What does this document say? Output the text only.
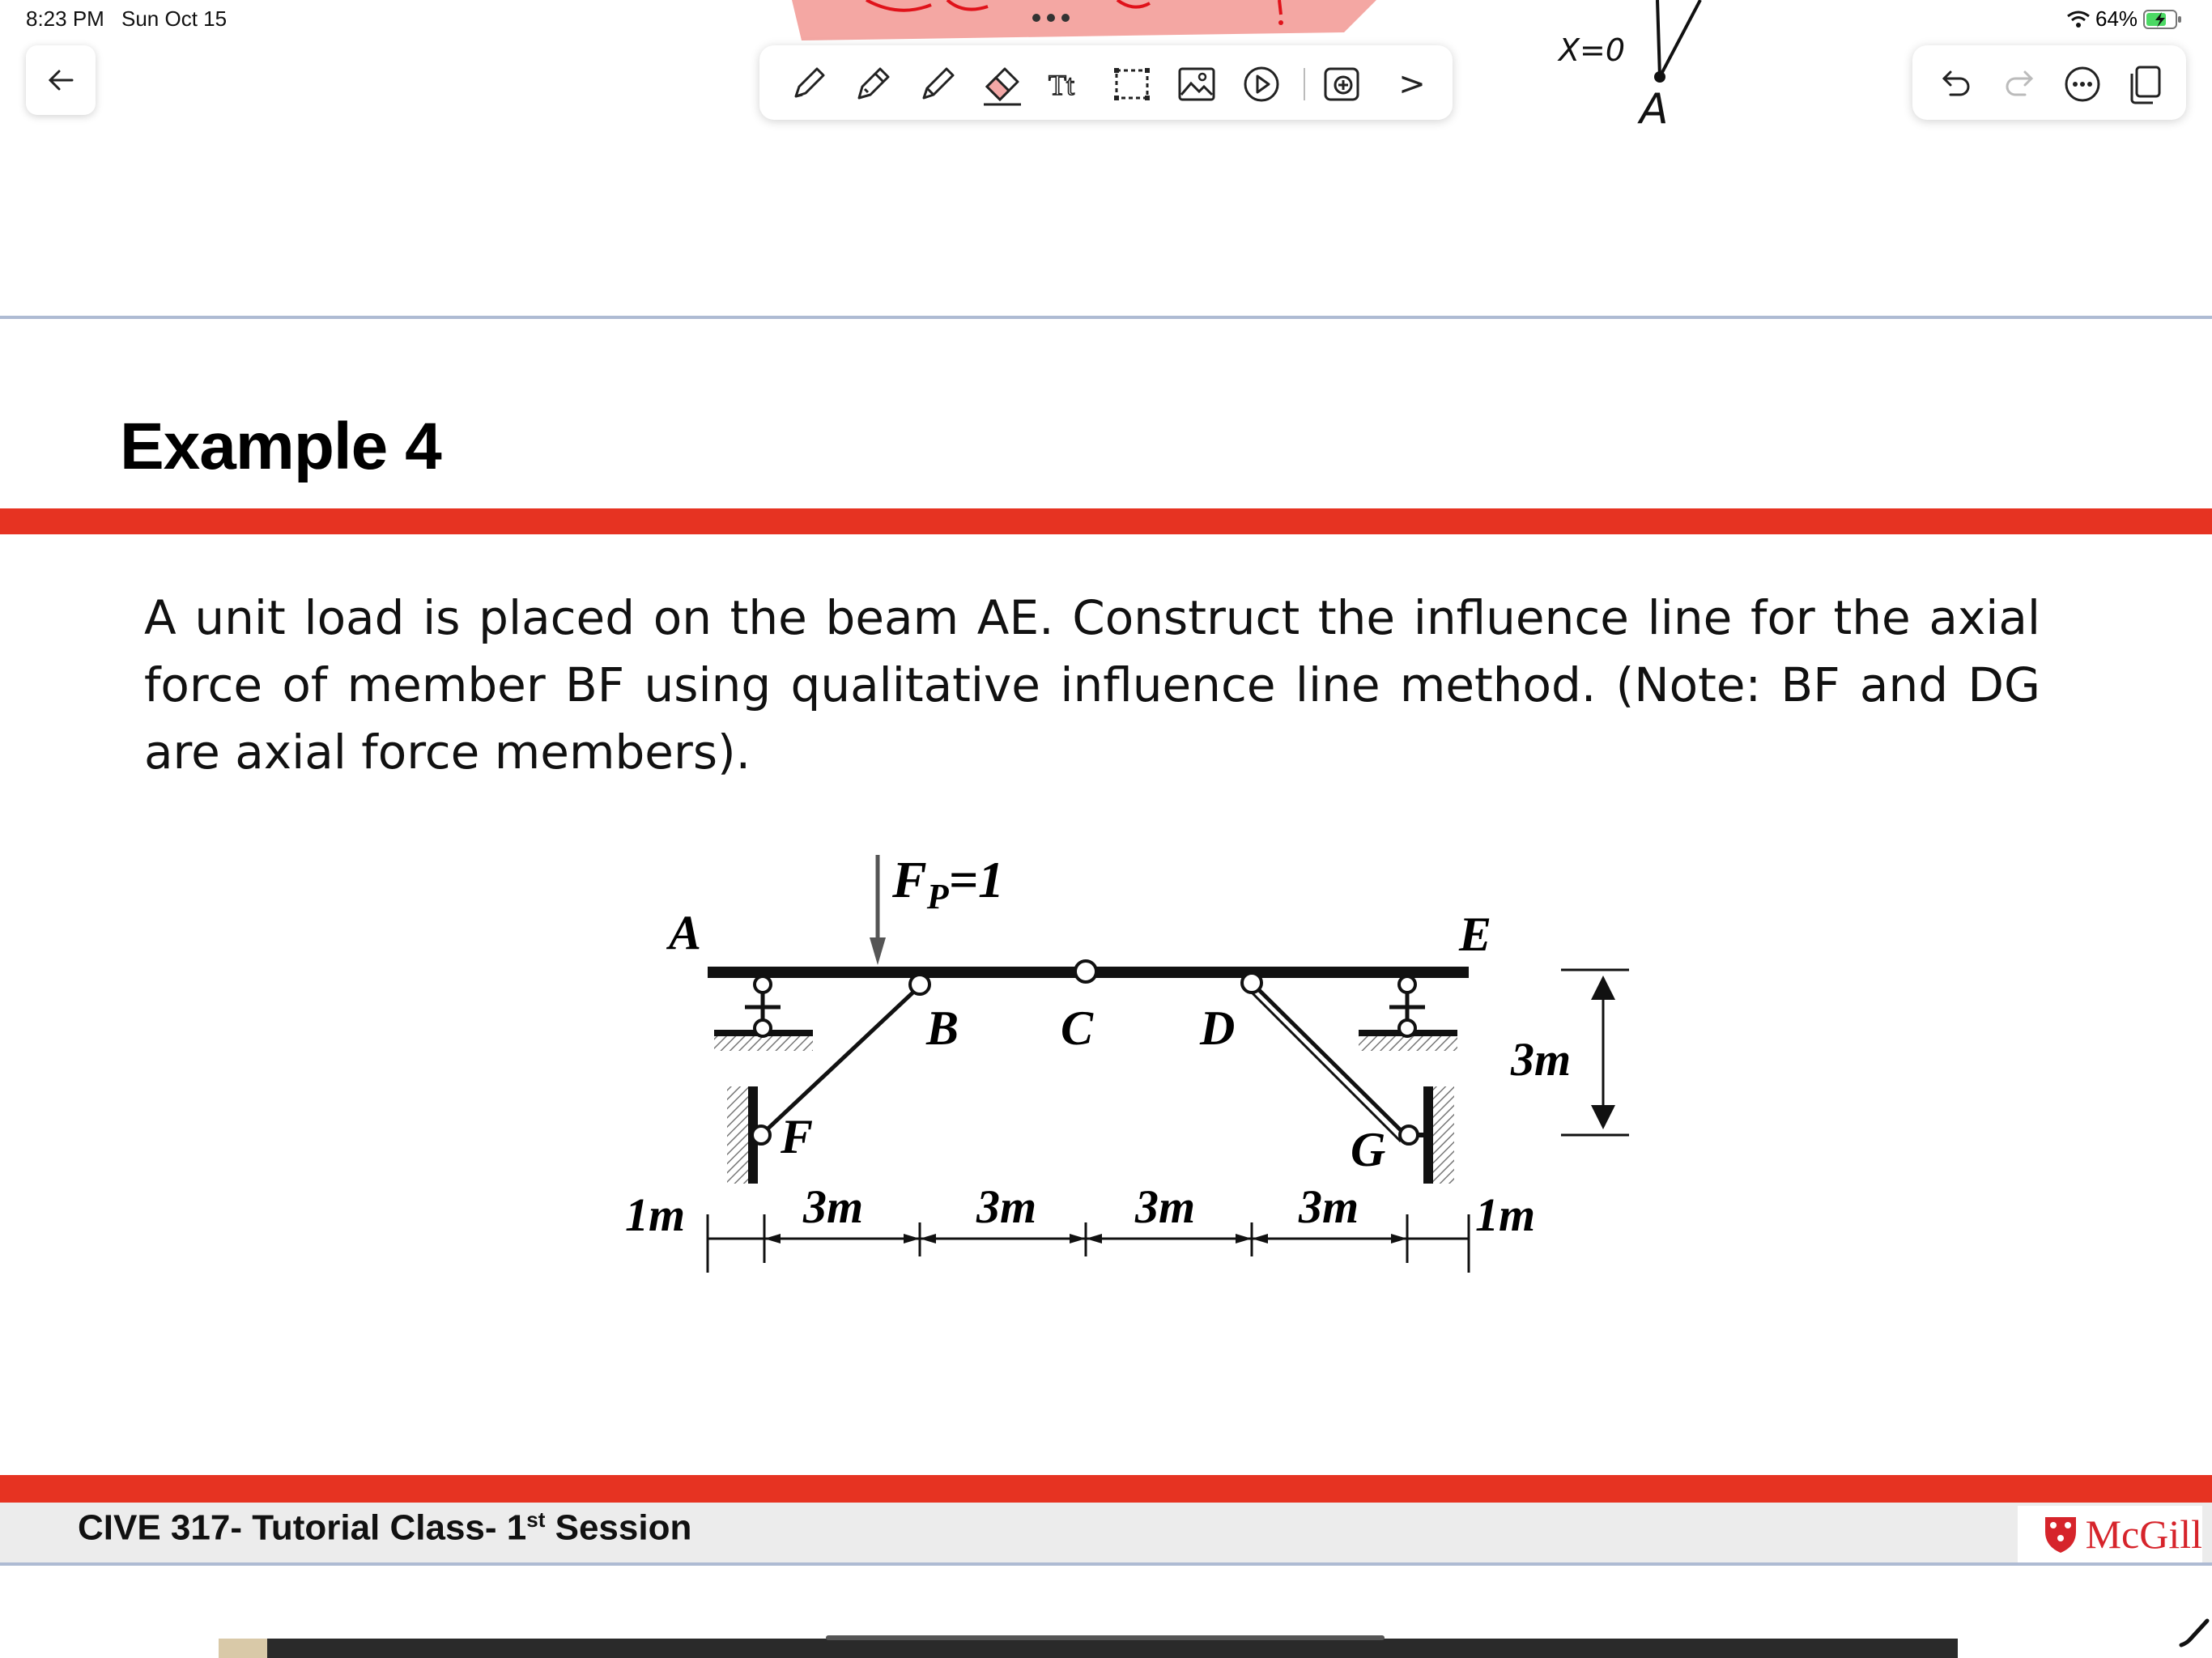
8:23 PM Sun Oct 15	64%
Tt	>
X=0
A
Example 4
A unit load is placed on the beam AE. Construct the influence line for the axial force of member BF using qualitative influence line method. (Note: BF and DG are axial force members).
$F_P=1$
A
B C D
E
F	G
3m
1m	3m 3m 3m 3m 1m
CIVE 317- Tutorial Class- 1st Session	McGill
